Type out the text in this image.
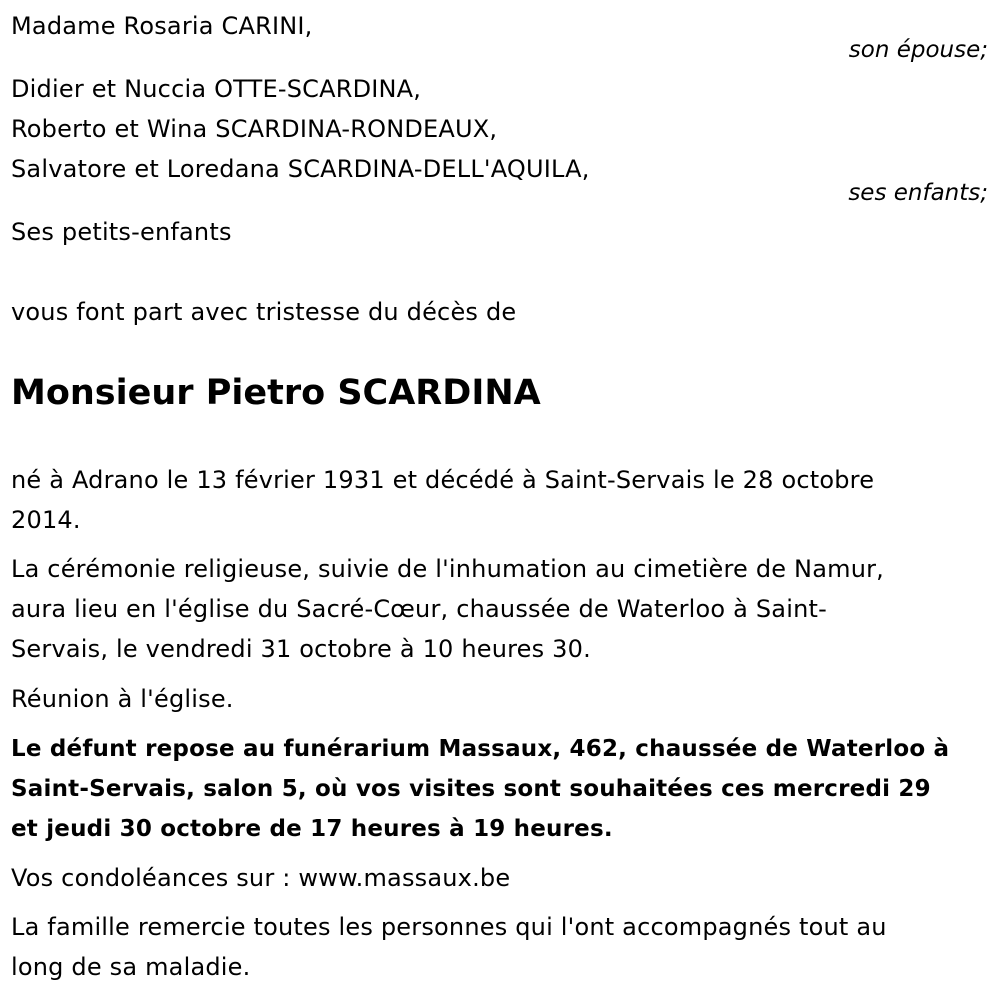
Madame Rosaria CARINI,
son épouse;
Didier et Nuccia OTTE-SCARDINA,
Roberto et Wina SCARDINA-RONDEAUX,
Salvatore et Loredana SCARDINA-DELL'AQUILA,
ses enfants;
Ses petits-enfants
vous font part avec tristesse du décès de
Monsieur Pietro SCARDINA
né à Adrano le 13 février 1931 et décédé à Saint-Servais le 28 octobre
2014.
La cérémonie religieuse, suivie de l'inhumation au cimetière de Namur,
aura lieu en l'église du Sacré-Cœur, chaussée de Waterloo à Saint-
Servais, le vendredi 31 octobre à 10 heures 30.
Réunion à l'église.
Le défunt repose au funérarium Massaux, 462, chaussée de Waterloo à
Saint-Servais, salon 5, où vos visites sont souhaitées ces mercredi 29
et jeudi 30 octobre de 17 heures à 19 heures.
Vos condoléances sur : www.massaux.be
La famille remercie toutes les personnes qui l'ont accompagnés tout au
long de sa maladie.
